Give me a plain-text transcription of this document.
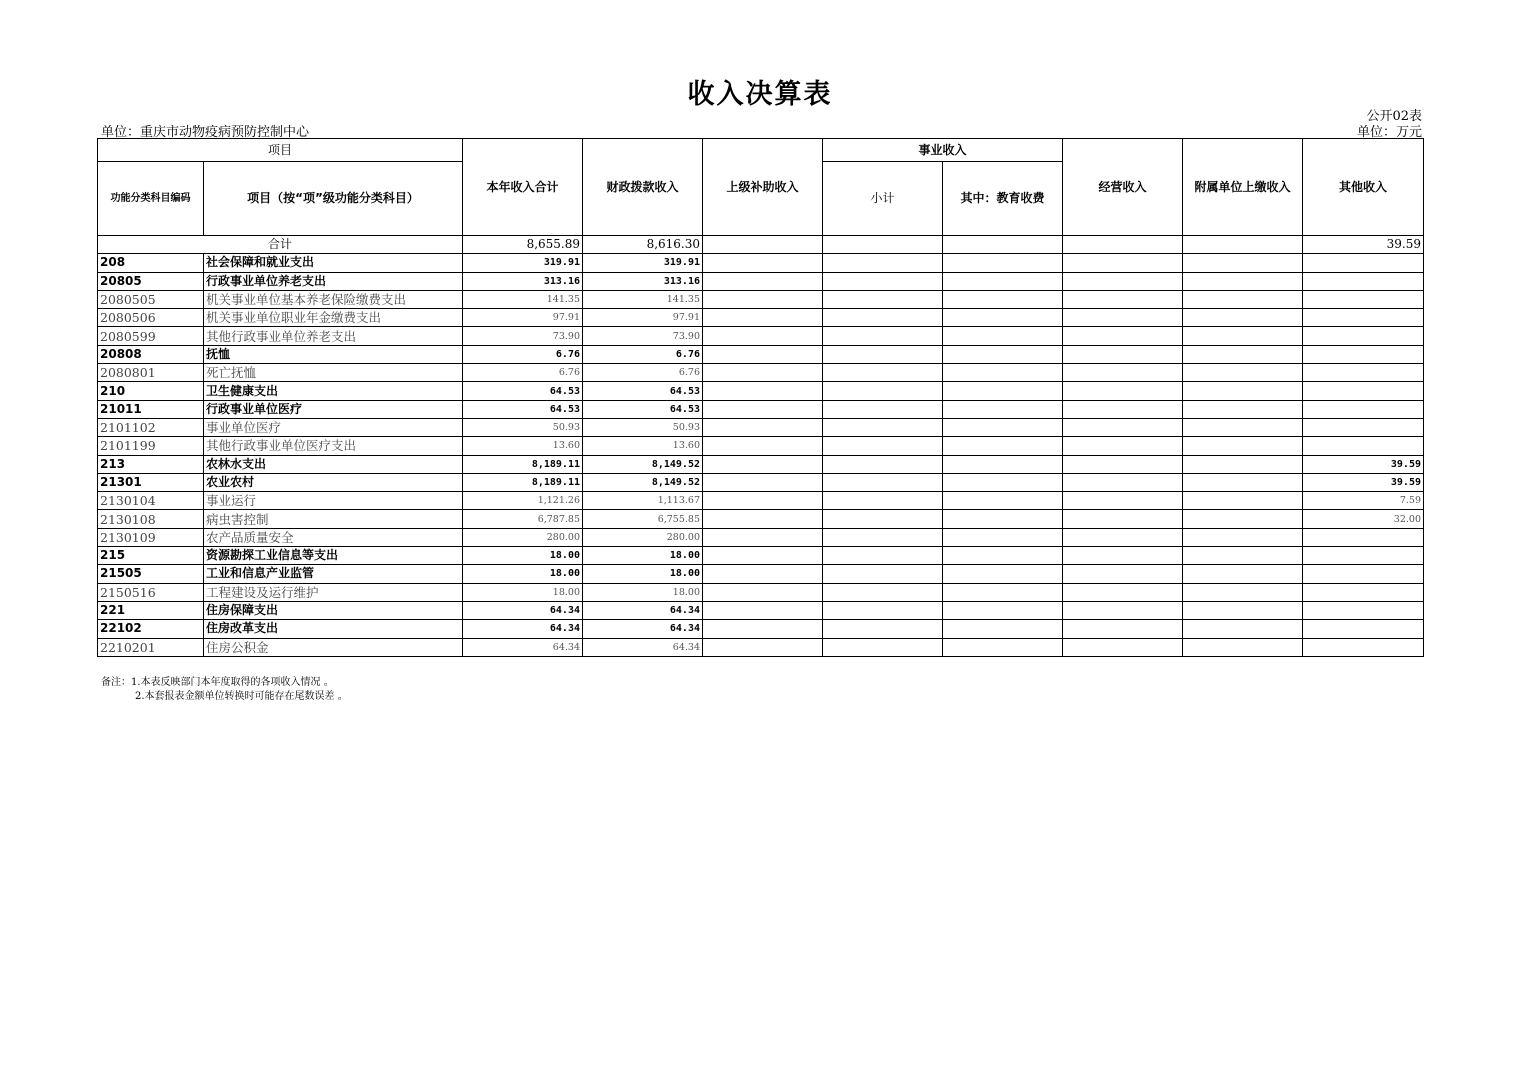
收入决算表
公开02表
单位：重庆市动物疫病预防控制中心	单位：万元
项目		本年收入合计	财政拨款收入	上级补助收入	事业收入		经营收入	附属单位上缴收入	其他收入
功能分类科目编码	项目（按“项”级功能分类科目）				小计	其中：教育收费			
合计		8,655.89	8,616.30						39.59
208	社会保障和就业支出	319.91	319.91						
20805	行政事业单位养老支出	313.16	313.16						
2080505	机关事业单位基本养老保险缴费支出	141.35	141.35						
2080506	机关事业单位职业年金缴费支出	97.91	97.91						
2080599	其他行政事业单位养老支出	73.90	73.90						
20808	抚恤	6.76	6.76						
2080801	死亡抚恤	6.76	6.76						
210	卫生健康支出	64.53	64.53						
21011	行政事业单位医疗	64.53	64.53						
2101102	事业单位医疗	50.93	50.93						
2101199	其他行政事业单位医疗支出	13.60	13.60						
213	农林水支出	8,189.11	8,149.52						39.59
21301	农业农村	8,189.11	8,149.52						39.59
2130104	事业运行	1,121.26	1,113.67						7.59
2130108	病虫害控制	6,787.85	6,755.85						32.00
2130109	农产品质量安全	280.00	280.00						
215	资源勘探工业信息等支出	18.00	18.00						
21505	工业和信息产业监管	18.00	18.00						
2150516	工程建设及运行维护	18.00	18.00						
221	住房保障支出	64.34	64.34						
22102	住房改革支出	64.34	64.34						
2210201	住房公积金	64.34	64.34						
备注：1.本表反映部门本年度取得的各项收入情况 。
2.本套报表金额单位转换时可能存在尾数误差 。
